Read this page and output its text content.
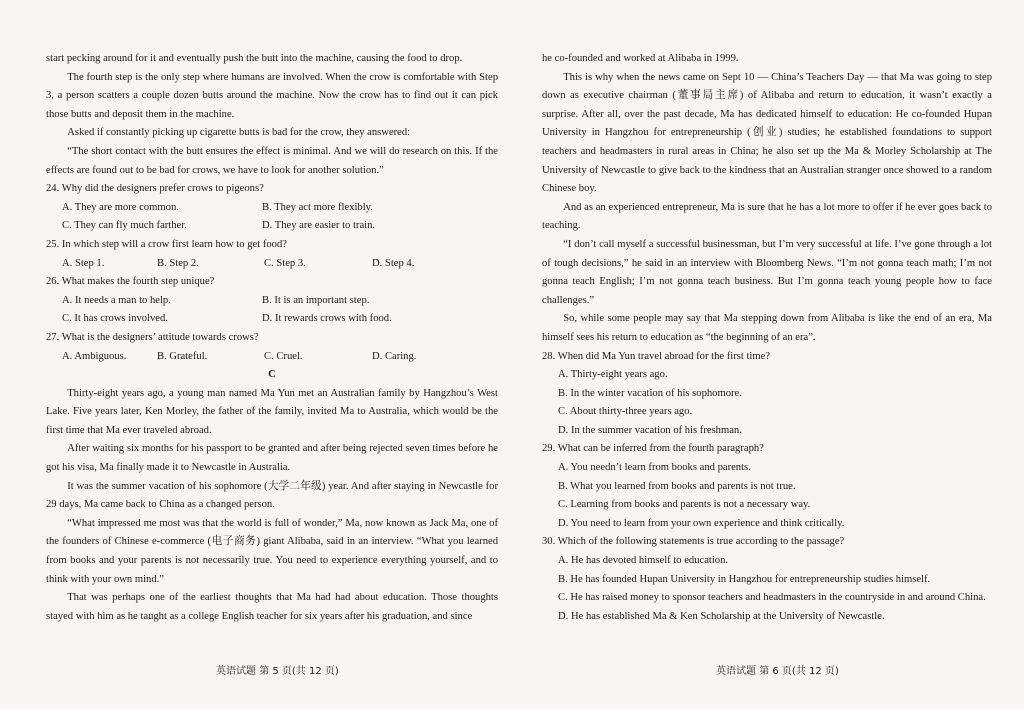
start pecking around for it and eventually push the butt into the machine, causing the food to drop.

The fourth step is the only step where humans are involved. When the crow is comfortable with Step 3, a person scatters a couple dozen butts around the machine. Now the crow has to find out it can pick those butts and deposit them in the machine.

Asked if constantly picking up cigarette butts is bad for the crow, they answered:

“The short contact with the butt ensures the effect is minimal. And we will do research on this. If the effects are found out to be bad for crows, we have to look for another solution.”

24. Why did the designers prefer crows to pigeons?

A. They are more common.	B. They act more flexibly.
C. They can fly much farther.	D. They are easier to train.

25. In which step will a crow first learn how to get food?

A. Step 1.	B. Step 2.	C. Step 3.	D. Step 4.

26. What makes the fourth step unique?

A. It needs a man to help.	B. It is an important step.
C. It has crows involved.	D. It rewards crows with food.

27. What is the designers’ attitude towards crows?

A. Ambiguous.	B. Grateful.	C. Cruel.	D. Caring.

C

Thirty-eight years ago, a young man named Ma Yun met an Australian family by Hangzhou’s West Lake. Five years later, Ken Morley, the father of the family, invited Ma to Australia, which would be the first time that Ma ever traveled abroad.

After waiting six months for his passport to be granted and after being rejected seven times before he got his visa, Ma finally made it to Newcastle in Australia.

It was the summer vacation of his sophomore (大学二年级) year. And after staying in Newcastle for 29 days, Ma came back to China as a changed person.

“What impressed me most was that the world is full of wonder,” Ma, now known as Jack Ma, one of the founders of Chinese e-commerce (电子商务) giant Alibaba, said in an interview. “What you learned from books and your parents is not necessarily true. You need to experience everything yourself, and to think with your own mind.”

That was perhaps one of the earliest thoughts that Ma had had about education. Those thoughts stayed with him as he taught as a college English teacher for six years after his graduation, and since

he co-founded and worked at Alibaba in 1999.

This is why when the news came on Sept 10 — China’s Teachers Day — that Ma was going to step down as executive chairman (董事局主席) of Alibaba and return to education, it wasn’t exactly a surprise. After all, over the past decade, Ma has dedicated himself to education: He co-founded Hupan University in Hangzhou for entrepreneurship (创业) studies; he established foundations to support teachers and headmasters in rural areas in China; he also set up the Ma & Morley Scholarship at The University of Newcastle to give back to the kindness that an Australian stranger once showed to a random Chinese boy.

And as an experienced entrepreneur, Ma is sure that he has a lot more to offer if he ever goes back to teaching.

“I don’t call myself a successful businessman, but I’m very successful at life. I’ve gone through a lot of tough decisions,” he said in an interview with Bloomberg News. “I’m not gonna teach math; I’m not gonna teach English; I’m not gonna teach business. But I’m gonna teach young people how to face challenges.”

So, while some people may say that Ma stepping down from Alibaba is like the end of an era, Ma himself sees his return to education as “the beginning of an era”.

28. When did Ma Yun travel abroad for the first time?

A. Thirty-eight years ago.

B. In the winter vacation of his sophomore.

C. About thirty-three years ago.

D. In the summer vacation of his freshman.

29. What can be inferred from the fourth paragraph?

A. You needn’t learn from books and parents.

B. What you learned from books and parents is not true.

C. Learning from books and parents is not a necessary way.

D. You need to learn from your own experience and think critically.

30. Which of the following statements is true according to the passage?

A. He has devoted himself to education.

B. He has founded Hupan University in Hangzhou for entrepreneurship studies himself.

C. He has raised money to sponsor teachers and headmasters in the countryside in and around China.

D. He has established Ma & Ken Scholarship at the University of Newcastle.

英语试题 第 5 页(共 12 页)	英语试题 第 6 页(共 12 页)
